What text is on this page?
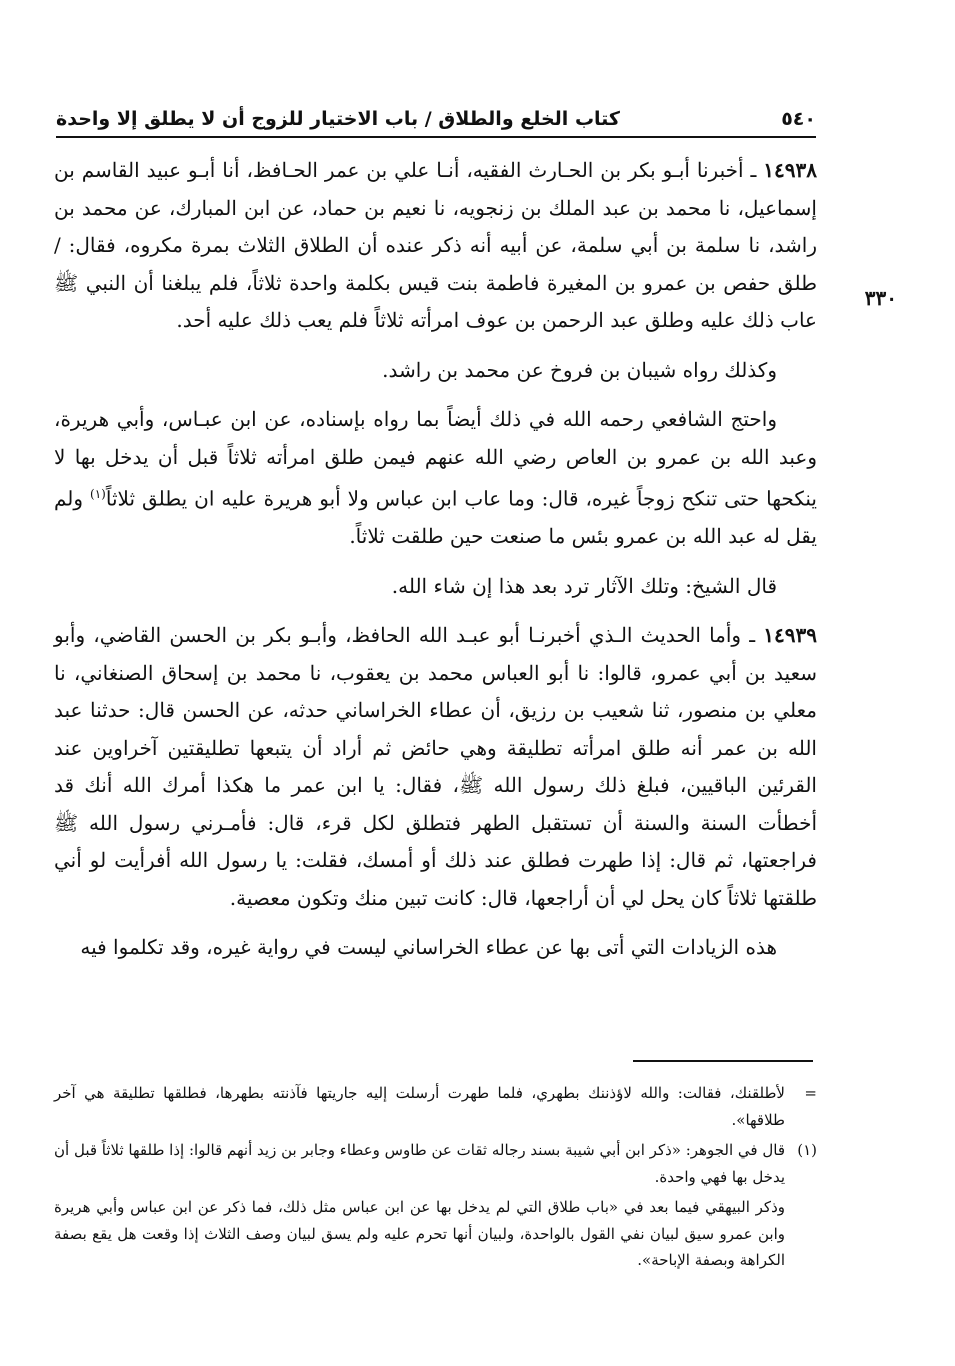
٥٤٠
كتاب الخلع والطلاق / باب الاختيار للزوج أن لا يطلق إلا واحدة
٣٣٠

١٤٩٣٨ ـ أخبرنا أبـو بكر بن الحـارث الفقيه، أنـا علي بن عمر الحـافظ، أنا أبـو عبيد القاسم بن إسماعيل، نا محمد بن عبد الملك بن زنجويه، نا نعيم بن حماد، عن ابن المبارك، عن محمد بن راشد، نا سلمة بن أبي سلمة، عن أبيه أنه ذكر عنده أن الطلاق الثلاث بمرة مكروه، فقال: / طلق حفص بن عمرو بن المغيرة فاطمة بنت قيس بكلمة واحدة ثلاثاً، فلم يبلغنا أن النبي ﷺ عاب ذلك عليه وطلق عبد الرحمن بن عوف امرأته ثلاثاً فلم يعب ذلك عليه أحد.

وكذلك رواه شيبان بن فروخ عن محمد بن راشد.

واحتج الشافعي رحمه الله في ذلك أيضاً بما رواه بإسناده، عن ابن عبـاس، وأبي هريرة، وعبد الله بن عمرو بن العاص رضي الله عنهم فيمن طلق امرأته ثلاثاً قبل أن يدخل بها لا ينكحها حتى تنكح زوجاً غيره، قال: وما عاب ابن عباس ولا أبو هريرة عليه ان يطلق ثلاثاً$^{(١)}$ ولم يقل له عبد الله بن عمرو بئس ما صنعت حين طلقت ثلاثاً.

قال الشيخ: وتلك الآثار ترد بعد هذا إن شاء الله.

١٤٩٣٩ ـ وأما الحديث الـذي أخبرنـا أبو عبـد الله الحافظ، وأبـو بكر بن الحسن القاضي، وأبو سعيد بن أبي عمرو، قالوا: نا أبو العباس محمد بن يعقوب، نا محمد بن إسحاق الصنغاني، نا معلي بن منصور، ثنا شعيب بن رزيق، أن عطاء الخراساني حدثه، عن الحسن قال: حدثنا عبد الله بن عمر أنه طلق امرأته تطليقة وهي حائض ثم أراد أن يتبعها تطليقتين آخراوين عند القرئين الباقيين، فبلغ ذلك رسول الله ﷺ، فقال: يا ابن عمر ما هكذا أمرك الله أنك قد أخطأت السنة والسنة أن تستقبل الطهر فتطلق لكل قرء، قال: فأمـرني رسول الله ﷺ فراجعتها، ثم قال: إذا طهرت فطلق عند ذلك أو أمسك، فقلت: يا رسول الله أفرأيت لو أني طلقتها ثلاثاً كان يحل لي أن أراجعها، قال: كانت تبين منك وتكون معصية.

هذه الزيادات التي أتى بها عن عطاء الخراساني ليست في رواية غيره، وقد تكلموا فيه

=
لأطلقنك، فقالت: والله لاؤذننك بطهري، فلما طهرت أرسلت إليه جاريتها فآذنته بطهرها، فطلقها تطليقة هي آخر طلاقها».
(١)
قال في الجوهر: «ذكر ابن أبي شيبة بسند رجاله ثقات عن طاوس وعطاء وجابر بن زيد أنهم قالوا: إذا طلقها ثلاثاً قبل أن يدخل بها فهي واحدة.
وذكر البيهقي فيما بعد في «باب طلاق التي لم يدخل بها عن ابن عباس مثل ذلك، فما ذكر عن ابن عباس وأبي هريرة وابن عمرو سيق لبيان نفي القول بالواحدة، ولبيان أنها تحرم عليه ولم يسق لبيان وصف الثلاث إذا وقعت هل يقع بصفة الكراهة وبصفة الإباحة».
